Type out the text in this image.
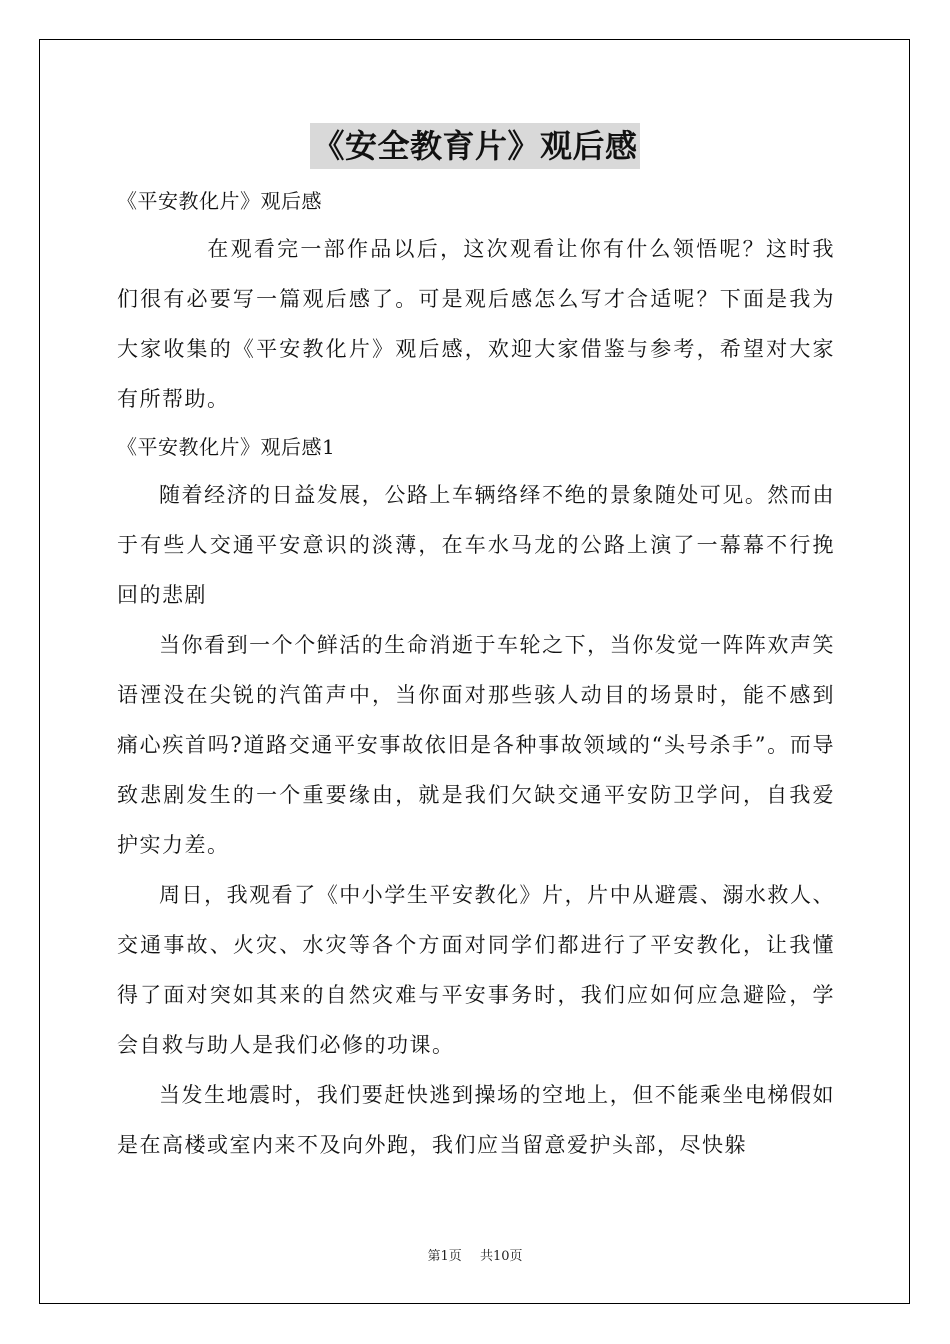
《安全教育片》观后感

《平安教化片》观后感

在观看完一部作品以后，这次观看让你有什么领悟呢？这时我们很有必要写一篇观后感了。可是观后感怎么写才合适呢？下面是我为大家收集的《平安教化片》观后感，欢迎大家借鉴与参考，希望对大家有所帮助。

《平安教化片》观后感1

随着经济的日益发展，公路上车辆络绎不绝的景象随处可见。然而由于有些人交通平安意识的淡薄，在车水马龙的公路上演了一幕幕不行挽回的悲剧

当你看到一个个鲜活的生命消逝于车轮之下，当你发觉一阵阵欢声笑语湮没在尖锐的汽笛声中，当你面对那些骇人动目的场景时，能不感到痛心疾首吗?道路交通平安事故依旧是各种事故领域的“头号杀手”。而导致悲剧发生的一个重要缘由，就是我们欠缺交通平安防卫学问，自我爱护实力差。

周日，我观看了《中小学生平安教化》片，片中从避震、溺水救人、交通事故、火灾、水灾等各个方面对同学们都进行了平安教化，让我懂得了面对突如其来的自然灾难与平安事务时，我们应如何应急避险，学会自救与助人是我们必修的功课。

当发生地震时，我们要赶快逃到操场的空地上，但不能乘坐电梯假如是在高楼或室内来不及向外跑，我们应当留意爱护头部，尽快躲

第1页 共10页
